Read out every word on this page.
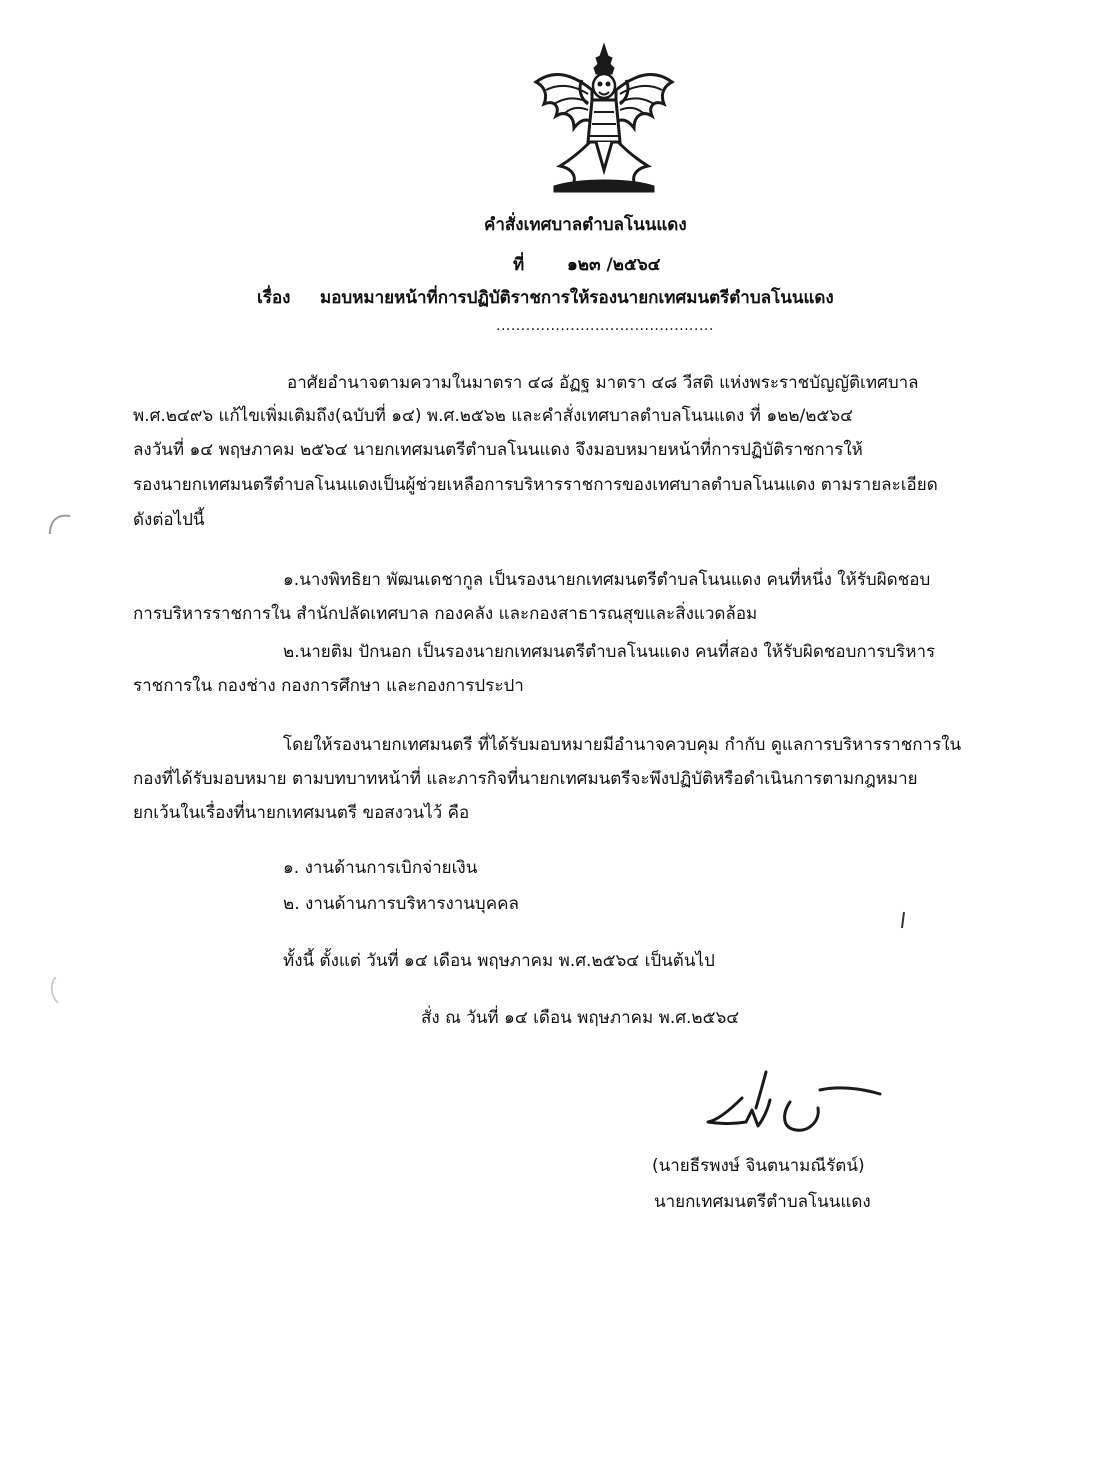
คำสั่งเทศบาลตำบลโนนแดง
ที่	๑๒๓ /๒๕๖๔
เรื่อง มอบหมายหน้าที่การปฏิบัติราชการให้รองนายกเทศมนตรีตำบลโนนแดง
............................................
อาศัยอำนาจตามความในมาตรา ๔๘ อัฏฐ มาตรา ๔๘ วีสติ แห่งพระราชบัญญัติเทศบาล
พ.ศ.๒๔๙๖ แก้ไขเพิ่มเติมถึง(ฉบับที่ ๑๔) พ.ศ.๒๕๖๒ และคำสั่งเทศบาลตำบลโนนแดง ที่ ๑๒๒/๒๕๖๔
ลงวันที่ ๑๔ พฤษภาคม ๒๕๖๔ นายกเทศมนตรีตำบลโนนแดง จึงมอบหมายหน้าที่การปฏิบัติราชการให้
รองนายกเทศมนตรีตำบลโนนแดงเป็นผู้ช่วยเหลือการบริหารราชการของเทศบาลตำบลโนนแดง ตามรายละเอียด
ดังต่อไปนี้
๑.นางพิทธิยา พัฒนเดชากูล เป็นรองนายกเทศมนตรีตำบลโนนแดง คนที่หนึ่ง ให้รับผิดชอบ
การบริหารราชการใน สำนักปลัดเทศบาล กองคลัง และกองสาธารณสุขและสิ่งแวดล้อม
๒.นายติม ปักนอก เป็นรองนายกเทศมนตรีตำบลโนนแดง คนที่สอง ให้รับผิดชอบการบริหาร
ราชการใน กองช่าง กองการศึกษา และกองการประปา
โดยให้รองนายกเทศมนตรี ที่ได้รับมอบหมายมีอำนาจควบคุม กำกับ ดูแลการบริหารราชการใน
กองที่ได้รับมอบหมาย ตามบทบาทหน้าที่ และภารกิจที่นายกเทศมนตรีจะพึงปฏิบัติหรือดำเนินการตามกฎหมาย
ยกเว้นในเรื่องที่นายกเทศมนตรี ขอสงวนไว้ คือ
๑. งานด้านการเบิกจ่ายเงิน
๒. งานด้านการบริหารงานบุคคล
ทั้งนี้ ตั้งแต่ วันที่ ๑๔ เดือน พฤษภาคม พ.ศ.๒๕๖๔ เป็นต้นไป
สั่ง ณ วันที่ ๑๔ เดือน พฤษภาคม พ.ศ.๒๕๖๔
(นายธีรพงษ์ จินตนามณีรัตน์)
นายกเทศมนตรีตำบลโนนแดง
